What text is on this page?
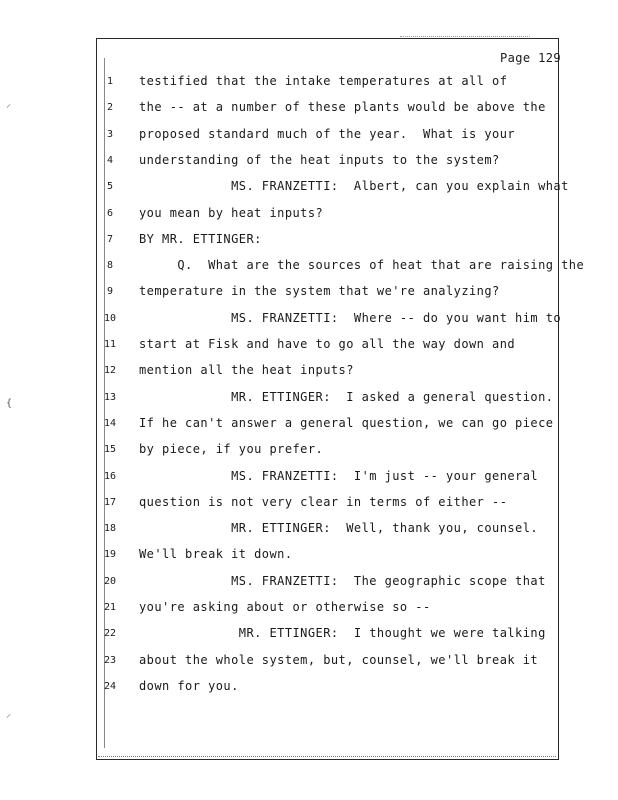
⸝
{
⸝
Page 129
1	testified that the intake temperatures at all of
2	the -- at a number of these plants would be above the
3	proposed standard much of the year.  What is your
4	understanding of the heat inputs to the system?
5	MS. FRANZETTI:  Albert, can you explain what
6	you mean by heat inputs?
7	BY MR. ETTINGER:
8	Q.  What are the sources of heat that are raising the
9	temperature in the system that we're analyzing?
10	MS. FRANZETTI:  Where -- do you want him to
11	start at Fisk and have to go all the way down and
12	mention all the heat inputs?
13	MR. ETTINGER:  I asked a general question.
14	If he can't answer a general question, we can go piece
15	by piece, if you prefer.
16	MS. FRANZETTI:  I'm just -- your general
17	question is not very clear in terms of either --
18	MR. ETTINGER:  Well, thank you, counsel.
19	We'll break it down.
20	MS. FRANZETTI:  The geographic scope that
21	you're asking about or otherwise so --
22	MR. ETTINGER:  I thought we were talking
23	about the whole system, but, counsel, we'll break it
24	down for you.
